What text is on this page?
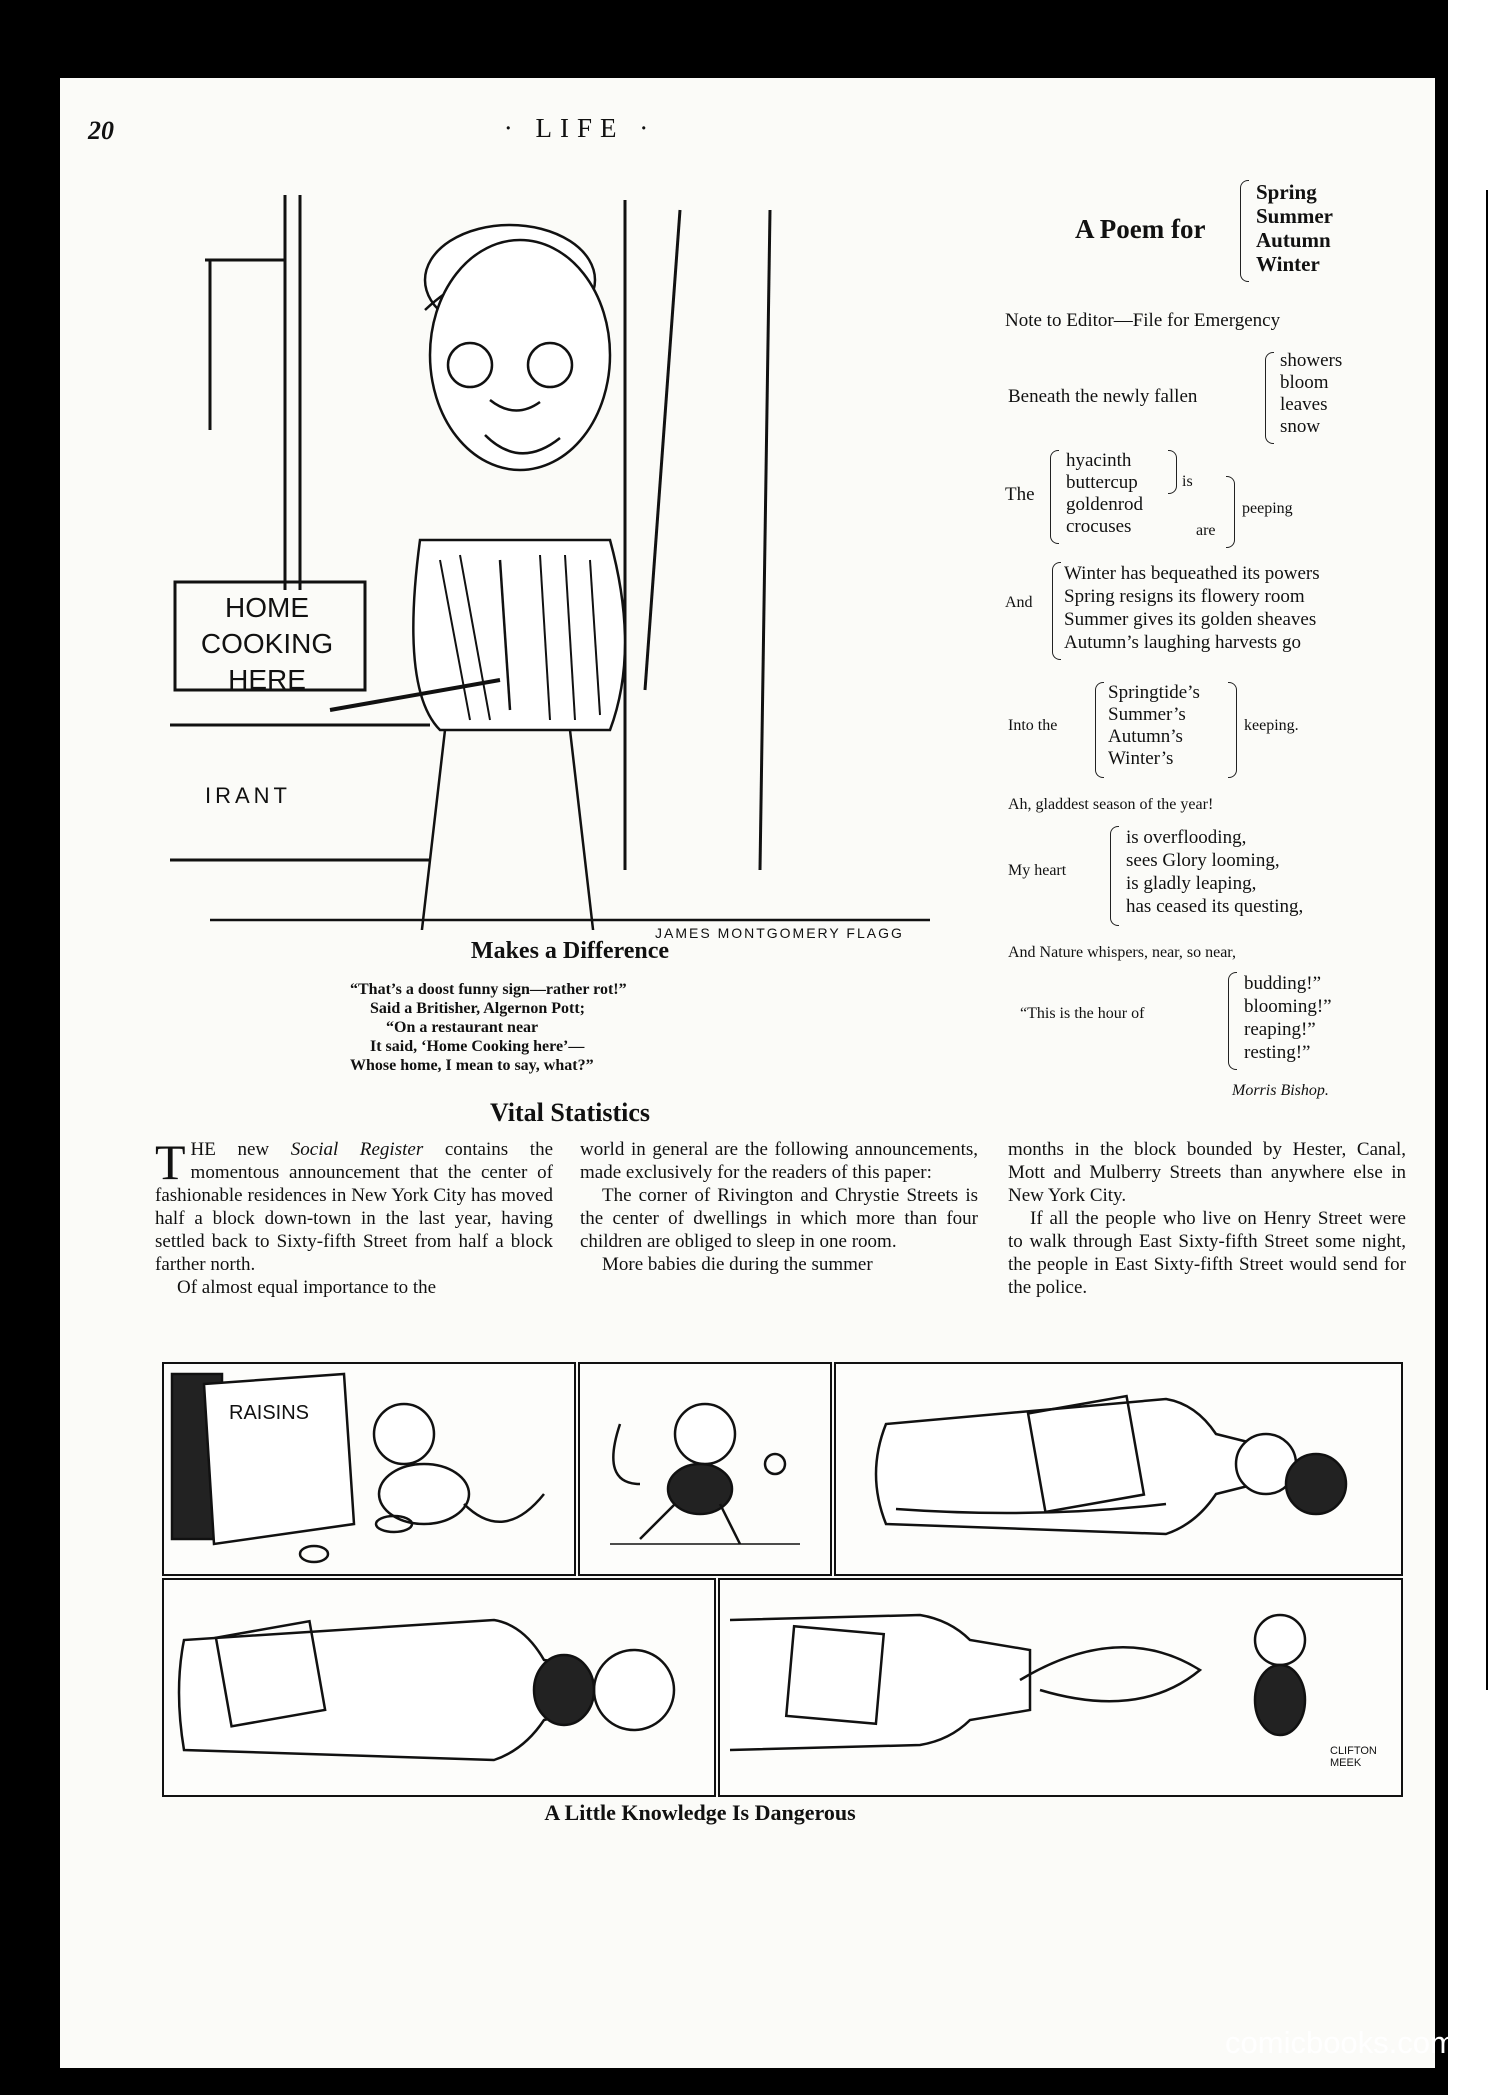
20	· LIFE ·
HOME
COOKING
HERE
IRANT
JAMES MONTGOMERY FLAGG
Makes a Difference
“That’s a doost funny sign—rather rot!”
Said a Britisher, Algernon Pott;
“On a restaurant near
It said, ‘Home Cooking here’—
Whose home, I mean to say, what?”
A Poem for
Spring
Summer
Autumn
Winter
Note to Editor—File for Emergency
Beneath the newly fallen
showers
bloom
leaves
snow
The
hyacinth
buttercup
goldenrod
crocuses
is
are
peeping
And
Winter has bequeathed its powers
Spring resigns its flowery room
Summer gives its golden sheaves
Autumn’s laughing harvests go
Into the
Springtide’s
Summer’s
Autumn’s
Winter’s
keeping.
Ah, gladdest season of the year!
My heart
is overflooding,
sees Glory looming,
is gladly leaping,
has ceased its questing,
And Nature whispers, near, so near,
“This is the hour of
budding!”
blooming!”
reaping!”
resting!”
Morris Bishop.
Vital Statistics

THE new Social Register contains the momentous announcement that the center of fashionable residences in New York City has moved half a block down-town in the last year, having settled back to Sixty-fifth Street from half a block farther north.

Of almost equal importance to the

world in general are the following announcements, made exclusively for the readers of this paper:

The corner of Rivington and Chrystie Streets is the center of dwellings in which more than four children are obliged to sleep in one room.

More babies die during the summer

months in the block bounded by Hester, Canal, Mott and Mulberry Streets than anywhere else in New York City.

If all the people who live on Henry Street were to walk through East Sixty-fifth Street some night, the people in East Sixty-fifth Street would send for the police.

RAISINS
CLIFTON MEEK
A Little Knowledge Is Dangerous
comicbooks.com
